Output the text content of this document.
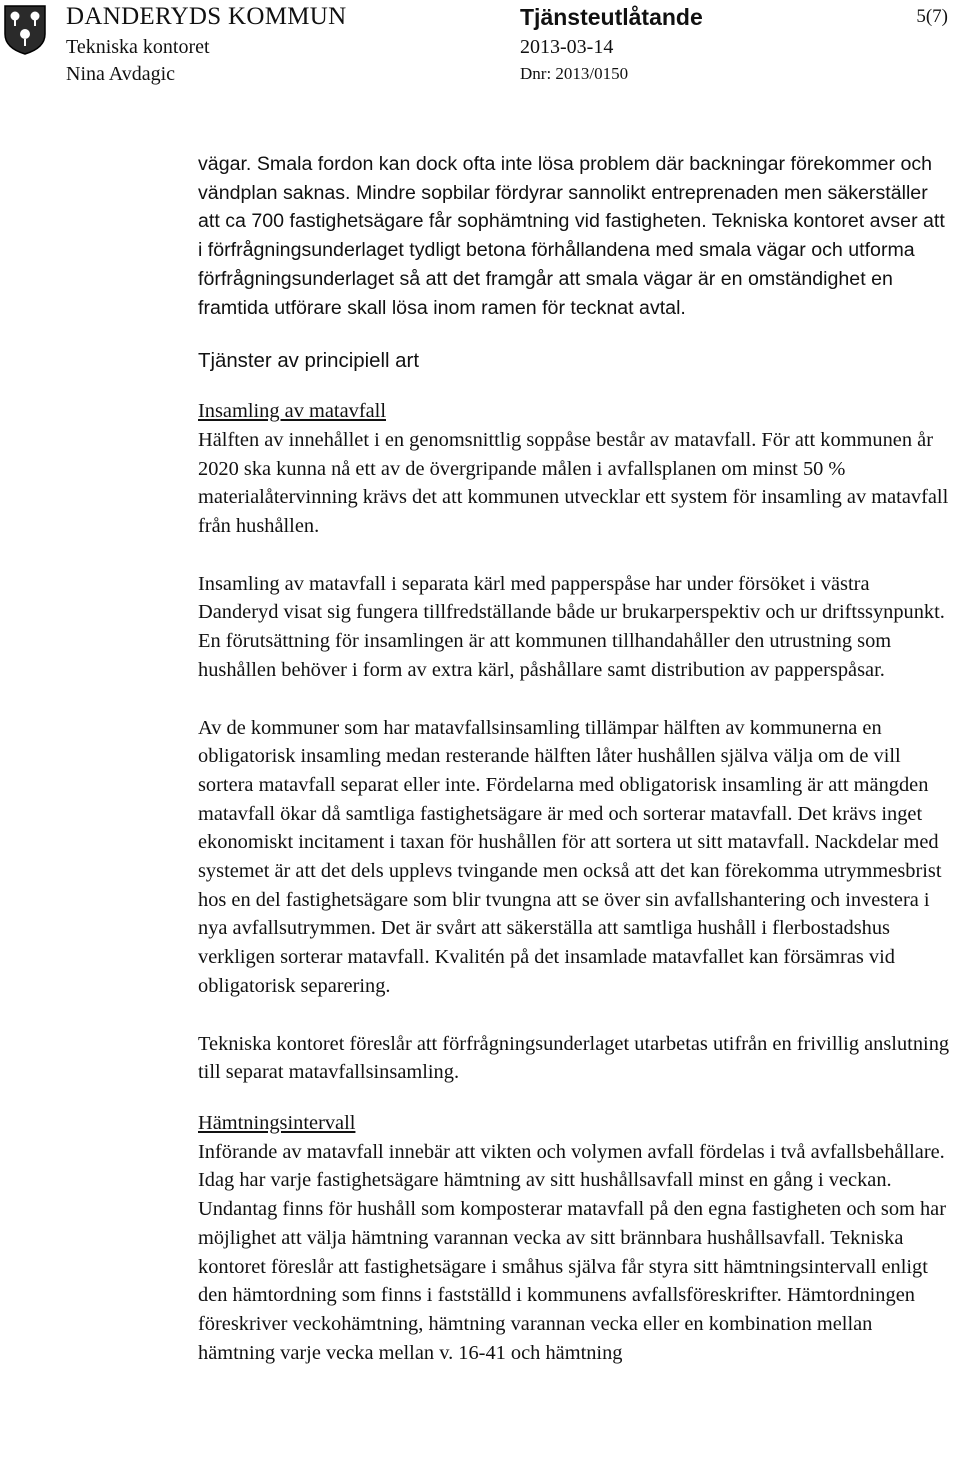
DANDERYDS KOMMUN
Tekniska kontoret
Nina Avdagic
Tjänsteutlåtande
2013-03-14
Dnr: 2013/0150
5(7)

vägar. Smala fordon kan dock ofta inte lösa problem där backningar förekommer och vändplan saknas. Mindre sopbilar fördyrar sannolikt entreprenaden men säkerställer att ca 700 fastighetsägare får sophämtning vid fastigheten. Tekniska kontoret avser att i förfrågningsunderlaget tydligt betona förhållandena med smala vägar och utforma förfrågningsunderlaget så att det framgår att smala vägar är en omständighet en framtida utförare skall lösa inom ramen för tecknat avtal.

Tjänster av principiell art

Insamling av matavfall

Hälften av innehållet i en genomsnittlig soppåse består av matavfall. För att kommunen år 2020 ska kunna nå ett av de övergripande målen i avfallsplanen om minst 50 % materialåtervinning krävs det att kommunen utvecklar ett system för insamling av matavfall från hushållen.

Insamling av matavfall i separata kärl med papperspåse har under försöket i västra Danderyd visat sig fungera tillfredställande både ur brukarperspektiv och ur driftssynpunkt. En förutsättning för insamlingen är att kommunen tillhandahåller den utrustning som hushållen behöver i form av extra kärl, påshållare samt distribution av papperspåsar.

Av de kommuner som har matavfallsinsamling tillämpar hälften av kommunerna en obligatorisk insamling medan resterande hälften låter hushållen själva välja om de vill sortera matavfall separat eller inte. Fördelarna med obligatorisk insamling är att mängden matavfall ökar då samtliga fastighetsägare är med och sorterar matavfall. Det krävs inget ekonomiskt incitament i taxan för hushållen för att sortera ut sitt matavfall. Nackdelar med systemet är att det dels upplevs tvingande men också att det kan förekomma utrymmesbrist hos en del fastighetsägare som blir tvungna att se över sin avfallshantering och investera i nya avfallsutrymmen. Det är svårt att säkerställa att samtliga hushåll i flerbostadshus verkligen sorterar matavfall. Kvalitén på det insamlade matavfallet kan försämras vid obligatorisk separering.

Tekniska kontoret föreslår att förfrågningsunderlaget utarbetas utifrån en frivillig anslutning till separat matavfallsinsamling.

Hämtningsintervall

Införande av matavfall innebär att vikten och volymen avfall fördelas i två avfallsbehållare. Idag har varje fastighetsägare hämtning av sitt hushållsavfall minst en gång i veckan. Undantag finns för hushåll som komposterar matavfall på den egna fastigheten och som har möjlighet att välja hämtning varannan vecka av sitt brännbara hushållsavfall. Tekniska kontoret föreslår att fastighetsägare i småhus själva får styra sitt hämtningsintervall enligt den hämtordning som finns i fastställd i kommunens avfallsföreskrifter. Hämtordningen föreskriver veckohämtning, hämtning varannan vecka eller en kombination mellan hämtning varje vecka mellan v. 16-41 och hämtning
